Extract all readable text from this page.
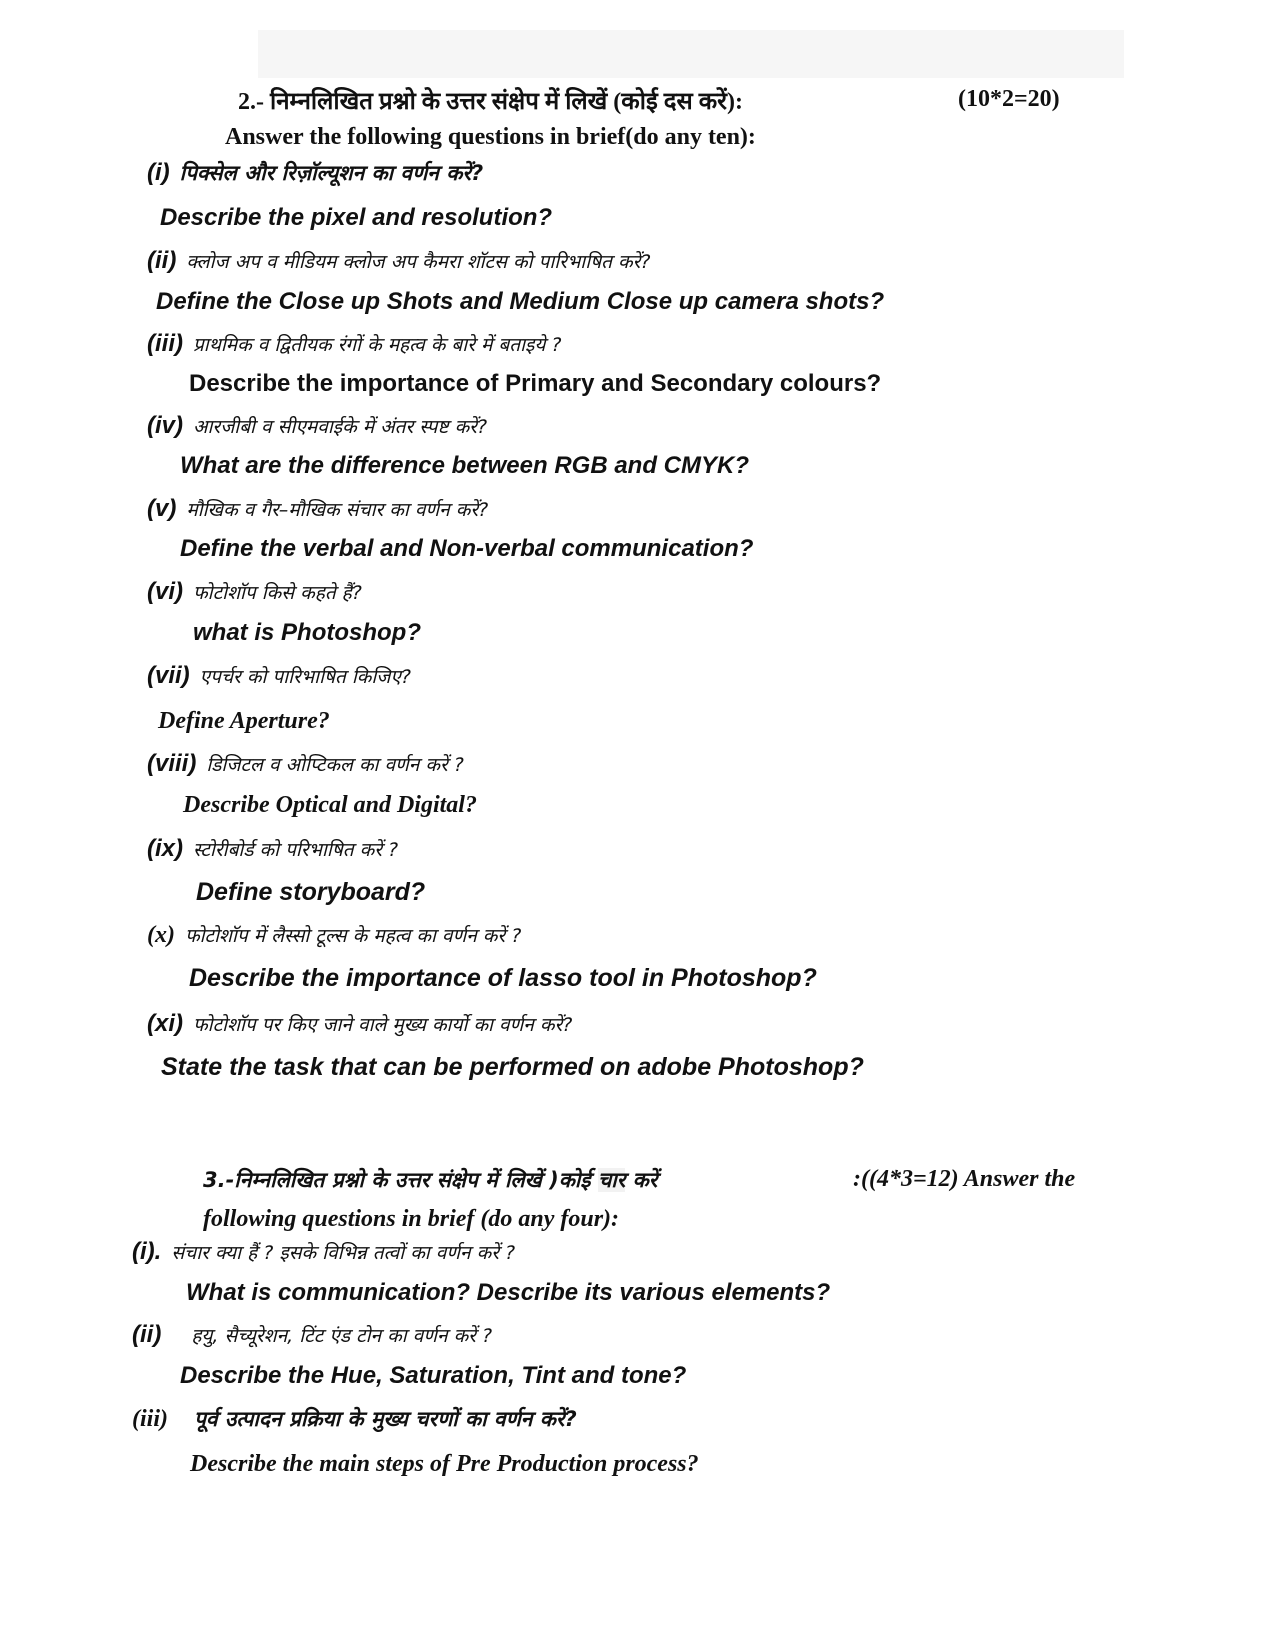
2.- निम्नलिखित प्रश्नो के उत्तर संक्षेप में लिखें (कोई दस करें):	(10*2=20)
Answer the following questions in brief(do any ten):
(i) पिक्सेल और रिज़ॉल्यूशन का वर्णन करें?
Describe the pixel and resolution?
(ii) क्लोज अप व मीडियम क्लोज अप कैमरा शॉटस को पारिभाषित करें?
Define the Close up Shots and Medium Close up camera shots?
(iii) प्राथमिक व द्वितीयक रंगों के महत्व के बारे में बताइये ?
Describe the importance of Primary and Secondary colours?
(iv) आरजीबी व सीएमवाईके में अंतर स्पष्ट करें?
What are the difference between RGB and CMYK?
(v) मौखिक व गैर–मौखिक संचार का वर्णन करें?
Define the verbal and Non-verbal communication?
(vi) फोटोशॉप किसे कहते हैं?
what is Photoshop?
(vii) एपर्चर को पारिभाषित किजिए?
Define Aperture?
(viii) डिजिटल व ओप्टिकल का वर्णन करें ?
Describe Optical and Digital?
(ix) स्टोरीबोर्ड को परिभाषित करें ?
Define storyboard?
(x) फोटोशॉप में लैस्सो टूल्स के महत्व का वर्णन करें ?
Describe the importance of lasso tool in Photoshop?
(xi) फोटोशॉप पर किए जाने वाले मुख्य कार्यो का वर्णन करें?
State the task that can be performed on adobe Photoshop?
3.-निम्नलिखित प्रश्नो के उत्तर संक्षेप में लिखें )कोई चार करें	:((4*3=12) Answer the
following questions in brief (do any four):
(i). संचार क्या हैं ? इसके विभिन्न तत्वों का वर्णन करें ?
What is communication? Describe its various elements?
(ii) हयु, सैच्यूरेशन, टिंट एंड टोन का वर्णन करें ?
Describe the Hue, Saturation, Tint and tone?
(iii) पूर्व उत्पादन प्रक्रिया के मुख्य चरणों का वर्णन करें?
Describe the main steps of Pre Production process?
